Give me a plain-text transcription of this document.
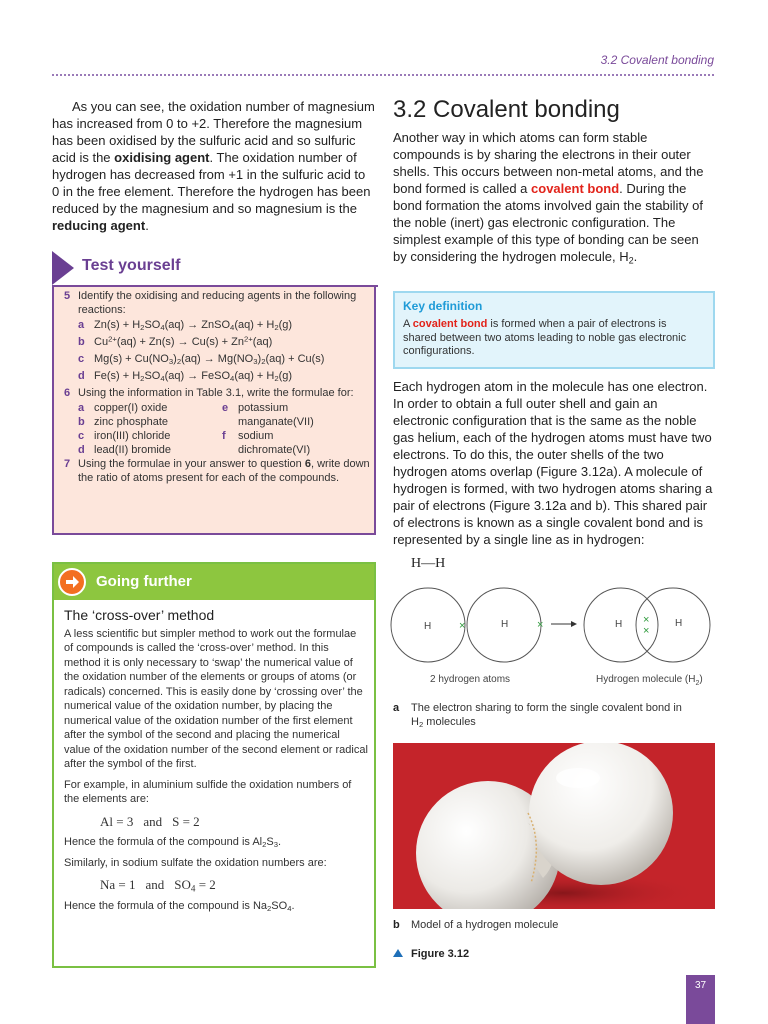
3.2 Covalent bonding

As you can see, the oxidation number of magnesium has increased from 0 to +2. Therefore the magnesium has been oxidised by the sulfuric acid and so sulfuric acid is the oxidising agent. The oxidation number of hydrogen has decreased from +1 in the sulfuric acid to 0 in the free element. Therefore the hydrogen has been reduced by the magnesium and so magnesium is the reducing agent.

Test yourself
5 Identify the oxidising and reducing agents in the following reactions:
a $Zn(s) + H_2SO_4(aq)$ → ZnSO$_4$(aq) + $H_2(g)$
b $Cu^{2+}(aq) + Zn(s) \to Cu(s) + Zn^{2+}(aq)$
c $Mg(s) + Cu(NO_3)_2(aq) \to Mg(NO_3)_2(aq) + Cu(s)$
d $Fe(s) + H_2SO_4(aq)$ → FeSO$_4$(aq) + $H_2(g)$
6 Using the information in Table 3.1, write the formulae for:
a copper(I) oxide	e potassium
b zinc phosphate	manganate(VII)
c iron(III) chloride	f	sodium
d lead(II) bromide	dichromate(VI)
7 Using the formulae in your answer to question 6, write down the ratio of atoms present for each of the compounds.
Going further
The ‘cross-over’ method

A less scientific but simpler method to work out the formulae of compounds is called the ‘cross-over’ method. In this method it is only necessary to ‘swap’ the numerical value of the oxidation number of the elements or groups of atoms (or radicals) concerned. This is easily done by ‘crossing over’ the numerical value of the oxidation number, by placing the numerical value of the oxidation number of the first element after the symbol of the second and placing the numerical value of the oxidation number of the second element or radical after the symbol of the first.

For example, in aluminium sulfide the oxidation numbers of the elements are:

Al = 3 and S = 2

Hence the formula of the compound is $Al_2S_3$.

Similarly, in sodium sulfate the oxidation numbers are:

Na = 1 and $SO_4 = 2$

Hence the formula of the compound is $Na_2SO_4$.

3.2 Covalent bonding
Another way in which atoms can form stable compounds is by sharing the electrons in their outer shells. This occurs between non-metal atoms, and the bond formed is called a covalent bond. During the bond formation the atoms involved gain the stability of the noble (inert) gas electronic configuration. The simplest example of this type of bonding can be seen by considering the hydrogen molecule, $H_2$.
Key definition
A covalent bond is formed when a pair of electrons is shared between two atoms leading to noble gas electronic configurations.
Each hydrogen atom in the molecule has one electron. In order to obtain a full outer shell and gain an electronic configuration that is the same as the noble gas helium, each of the hydrogen atoms must have two electrons. To do this, the outer shells of the two hydrogen atoms overlap (Figure 3.12a). A molecule of hydrogen is formed, with two hydrogen atoms sharing a pair of electrons (Figure 3.12a and b). This shared pair of electrons is known as a single covalent bond and is represented by a single line as in hydrogen:
H—H
H	H
×	×	H	H
×
×
2 hydrogen atoms	Hydrogen molecule $(H_2)$
a The electron sharing to form the single covalent bond in
$H_2$ molecules
b Model of a hydrogen molecule
Figure 3.12
37
